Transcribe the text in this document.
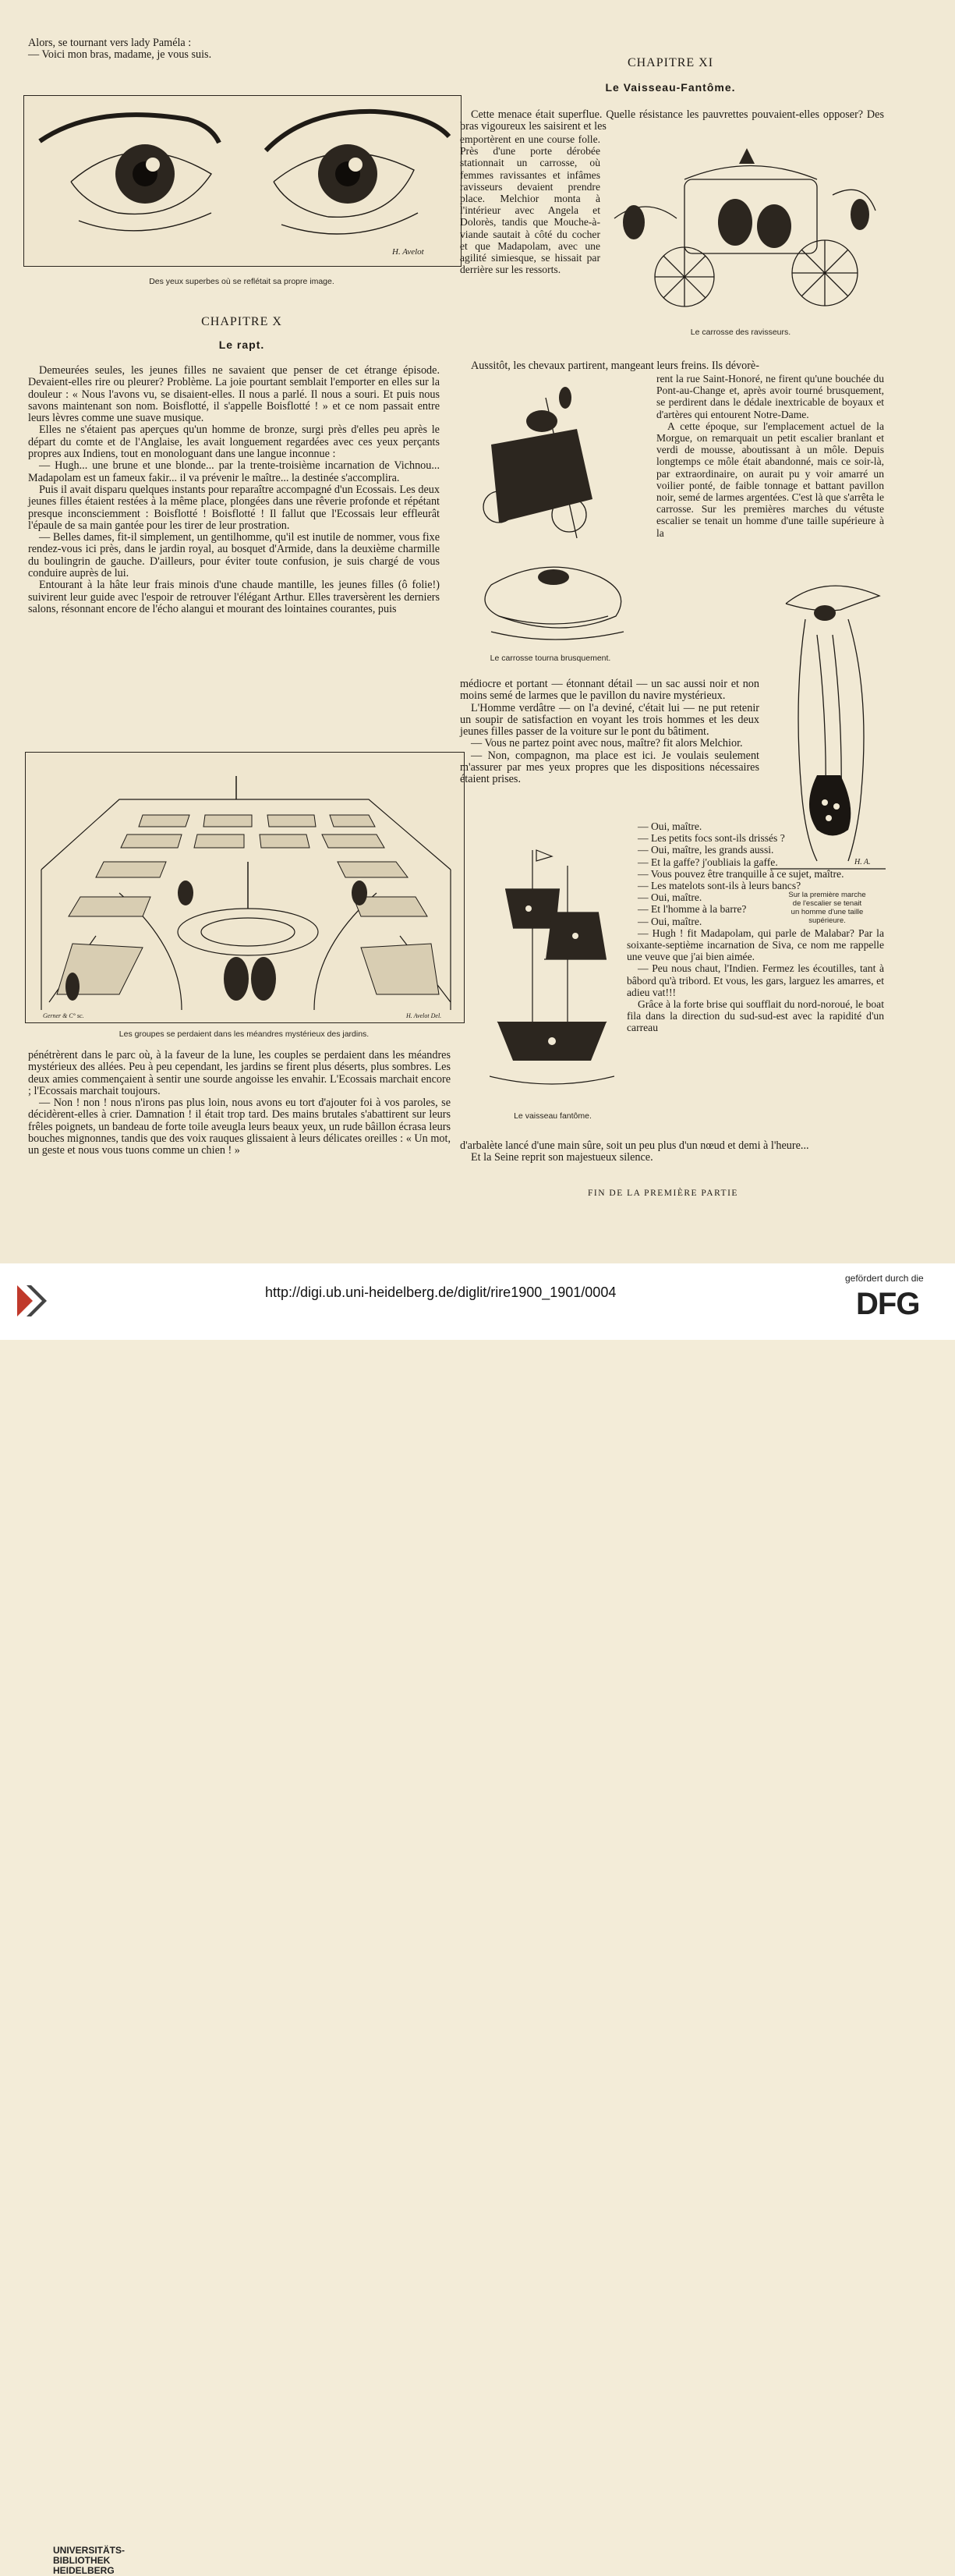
Alors, se tournant vers lady Paméla :

— Voici mon bras, madame, je vous suis.

H. Avelot
Des yeux superbes où se reflétait sa propre image.
CHAPITRE X
Le rapt.

Demeurées seules, les jeunes filles ne savaient que penser de cet étrange épisode. Devaient-elles rire ou pleurer? Problème. La joie pourtant semblait l'emporter en elles sur la douleur : « Nous l'avons vu, se disaient-elles. Il nous a parlé. Il nous a souri. Et puis nous savons maintenant son nom. Boisflotté, il s'appelle Boisflotté ! » et ce nom passait entre leurs lèvres comme une suave musique.

Elles ne s'étaient pas aperçues qu'un homme de bronze, surgi près d'elles peu après le départ du comte et de l'Anglaise, les avait longuement regardées avec ces yeux perçants propres aux Indiens, tout en monologuant dans une langue inconnue :

— Hugh... une brune et une blonde... par la trente-troisième incarnation de Vichnou... Madapolam est un fameux fakir... il va prévenir le maître... la destinée s'accomplira.

Puis il avait disparu quelques instants pour reparaître accompagné d'un Ecossais. Les deux jeunes filles étaient restées à la même place, plongées dans une rêverie profonde et répétant presque inconsciemment : Boisflotté ! Boisflotté ! Il fallut que l'Ecossais leur effleurât l'épaule de sa main gantée pour les tirer de leur prostration.

— Belles dames, fit-il simplement, un gentilhomme, qu'il est inutile de nommer, vous fixe rendez-vous ici près, dans le jardin royal, au bosquet d'Armide, dans la deuxième charmille du boulingrin de gauche. D'ailleurs, pour éviter toute confusion, je suis chargé de vous conduire auprès de lui.

Entourant à la hâte leur frais minois d'une chaude mantille, les jeunes filles (ô folie!) suivirent leur guide avec l'espoir de retrouver l'élégant Arthur. Elles traversèrent les derniers salons, résonnant encore de l'écho alangui et mourant des lointaines courantes, puis

Gerner & C° sc.	H. Avelot Del.
Les groupes se perdaient dans les méandres mystérieux des jardins.

pénétrèrent dans le parc où, à la faveur de la lune, les couples se perdaient dans les méandres mystérieux des allées. Peu à peu cependant, les jardins se firent plus déserts, plus sombres. Les deux amies commençaient à sentir une sourde angoisse les envahir. L'Ecossais marchait encore ; l'Ecossais marchait toujours.

— Non ! non ! nous n'irons pas plus loin, nous avons eu tort d'ajouter foi à vos paroles, se décidèrent-elles à crier. Damnation ! il était trop tard. Des mains brutales s'abattirent sur leurs frêles poignets, un bandeau de forte toile aveugla leurs beaux yeux, un rude bâillon écrasa leurs bouches mignonnes, tandis que des voix rauques glissaient à leurs délicates oreilles : « Un mot, un geste et nous vous tuons comme un chien ! »

CHAPITRE XI
Le Vaisseau-Fantôme.

Cette menace était superflue. Quelle résistance les pauvrettes pouvaient-elles opposer? Des bras vigoureux les saisirent et les

emportèrent en une course folle. Près d'une porte dérobée stationnait un carrosse, où femmes ravissantes et infâmes ravisseurs devaient prendre place. Melchior monta à l'intérieur avec Angela et Dolorès, tandis que Mouche-à-viande sautait à côté du cocher et que Madapolam, avec une agilité simiesque, se hissait par derrière sur les ressorts.

Le carrosse des ravisseurs.

Aussitôt, les chevaux partirent, mangeant leurs freins. Ils dévorè-

Le carrosse tourna brusquement.

rent la rue Saint-Honoré, ne firent qu'une bouchée du Pont-au-Change et, après avoir tourné brusquement, se perdirent dans le dédale inextricable de boyaux et d'artères qui entourent Notre-Dame.

A cette époque, sur l'emplacement actuel de la Morgue, on remarquait un petit escalier branlant et verdi de mousse, aboutissant à un môle. Depuis longtemps ce môle était abandonné, mais ce soir-là, par extraordinaire, on aurait pu y voir amarré un voilier ponté, de faible tonnage et battant pavillon noir, semé de larmes argentées. C'est là que s'arrêta le carrosse. Sur les premières marches du vétuste escalier se tenait un homme d'une taille supérieure à la

H. A.
Sur la première marche
de l'escalier se tenait
un homme d'une taille
supérieure.

médiocre et portant — étonnant détail — un sac aussi noir et non moins semé de larmes que le pavillon du navire mystérieux.

L'Homme verdâtre — on l'a deviné, c'était lui — ne put retenir un soupir de satisfaction en voyant les trois hommes et les deux jeunes filles passer de la voiture sur le pont du bâtiment.

— Vous ne partez point avec nous, maître? fit alors Melchior.

— Non, compagnon, ma place est ici. Je voulais seulement m'assurer par mes yeux propres que les dispositions nécessaires étaient prises.

Le vaisseau fantôme.

— Oui, maître.

— Les petits focs sont-ils drissés ?

— Oui, maître, les grands aussi.

— Et la gaffe? j'oubliais la gaffe.

— Vous pouvez être tranquille à ce sujet, maître.

— Les matelots sont-ils à leurs bancs?

— Oui, maître.

— Et l'homme à la barre?

— Oui, maître.

— Hugh ! fit Madapolam, qui parle de Malabar? Par la soixante-septième incarnation de Siva, ce nom me rappelle une veuve que j'ai bien aimée.

— Peu nous chaut, l'Indien. Fermez les écoutilles, tant à bâbord qu'à tribord. Et vous, les gars, larguez les amarres, et adieu vat!!!

Grâce à la forte brise qui soufflait du nord-noroué, le boat fila dans la direction du sud-sud-est avec la rapidité d'un carreau

d'arbalète lancé d'une main sûre, soit un peu plus d'un nœud et demi à l'heure...

Et la Seine reprit son majestueux silence.

FIN DE LA PREMIÈRE PARTIE
UNIVERSITÄTS-
BIBLIOTHEK
HEIDELBERG
http://digi.ub.uni-heidelberg.de/diglit/rire1900_1901/0004
gefördert durch die
DFG
